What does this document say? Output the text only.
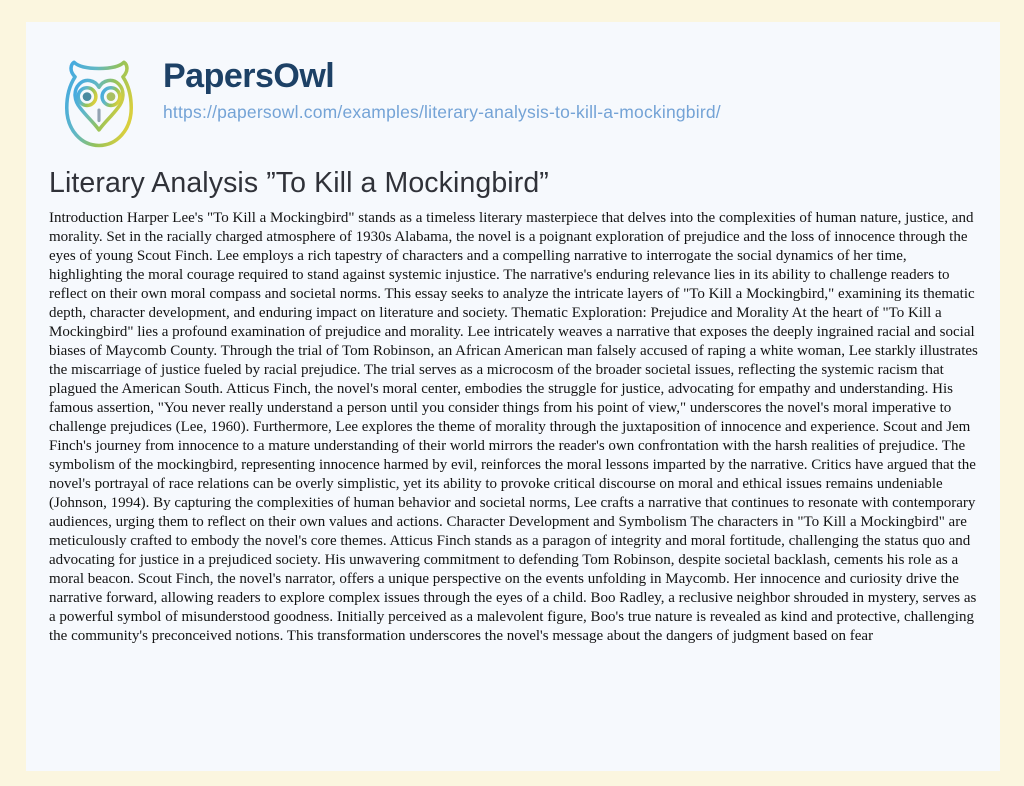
PapersOwl
https://papersowl.com/examples/literary-analysis-to-kill-a-mockingbird/
Literary Analysis ”To Kill a Mockingbird”

Introduction Harper Lee's "To Kill a Mockingbird" stands as a timeless literary masterpiece that delves into the complexities of human nature, justice, and morality. Set in the racially charged atmosphere of 1930s Alabama, the novel is a poignant exploration of prejudice and the loss of innocence through the eyes of young Scout Finch. Lee employs a rich tapestry of characters and a compelling narrative to interrogate the social dynamics of her time, highlighting the moral courage required to stand against systemic injustice. The narrative's enduring relevance lies in its ability to challenge readers to reflect on their own moral compass and societal norms. This essay seeks to analyze the intricate layers of "To Kill a Mockingbird," examining its thematic depth, character development, and enduring impact on literature and society. Thematic Exploration: Prejudice and Morality At the heart of "To Kill a Mockingbird" lies a profound examination of prejudice and morality. Lee intricately weaves a narrative that exposes the deeply ingrained racial and social biases of Maycomb County. Through the trial of Tom Robinson, an African American man falsely accused of raping a white woman, Lee starkly illustrates the miscarriage of justice fueled by racial prejudice. The trial serves as a microcosm of the broader societal issues, reflecting the systemic racism that plagued the American South. Atticus Finch, the novel's moral center, embodies the struggle for justice, advocating for empathy and understanding. His famous assertion, "You never really understand a person until you consider things from his point of view," underscores the novel's moral imperative to challenge prejudices (Lee, 1960). Furthermore, Lee explores the theme of morality through the juxtaposition of innocence and experience. Scout and Jem Finch's journey from innocence to a mature understanding of their world mirrors the reader's own confrontation with the harsh realities of prejudice. The symbolism of the mockingbird, representing innocence harmed by evil, reinforces the moral lessons imparted by the narrative. Critics have argued that the novel's portrayal of race relations can be overly simplistic, yet its ability to provoke critical discourse on moral and ethical issues remains undeniable (Johnson, 1994). By capturing the complexities of human behavior and societal norms, Lee crafts a narrative that continues to resonate with contemporary audiences, urging them to reflect on their own values and actions. Character Development and Symbolism The characters in "To Kill a Mockingbird" are meticulously crafted to embody the novel's core themes. Atticus Finch stands as a paragon of integrity and moral fortitude, challenging the status quo and advocating for justice in a prejudiced society. His unwavering commitment to defending Tom Robinson, despite societal backlash, cements his role as a moral beacon. Scout Finch, the novel's narrator, offers a unique perspective on the events unfolding in Maycomb. Her innocence and curiosity drive the narrative forward, allowing readers to explore complex issues through the eyes of a child. Boo Radley, a reclusive neighbor shrouded in mystery, serves as a powerful symbol of misunderstood goodness. Initially perceived as a malevolent figure, Boo's true nature is revealed as kind and protective, challenging the community's preconceived notions. This transformation underscores the novel's message about the dangers of judgment based on fear
